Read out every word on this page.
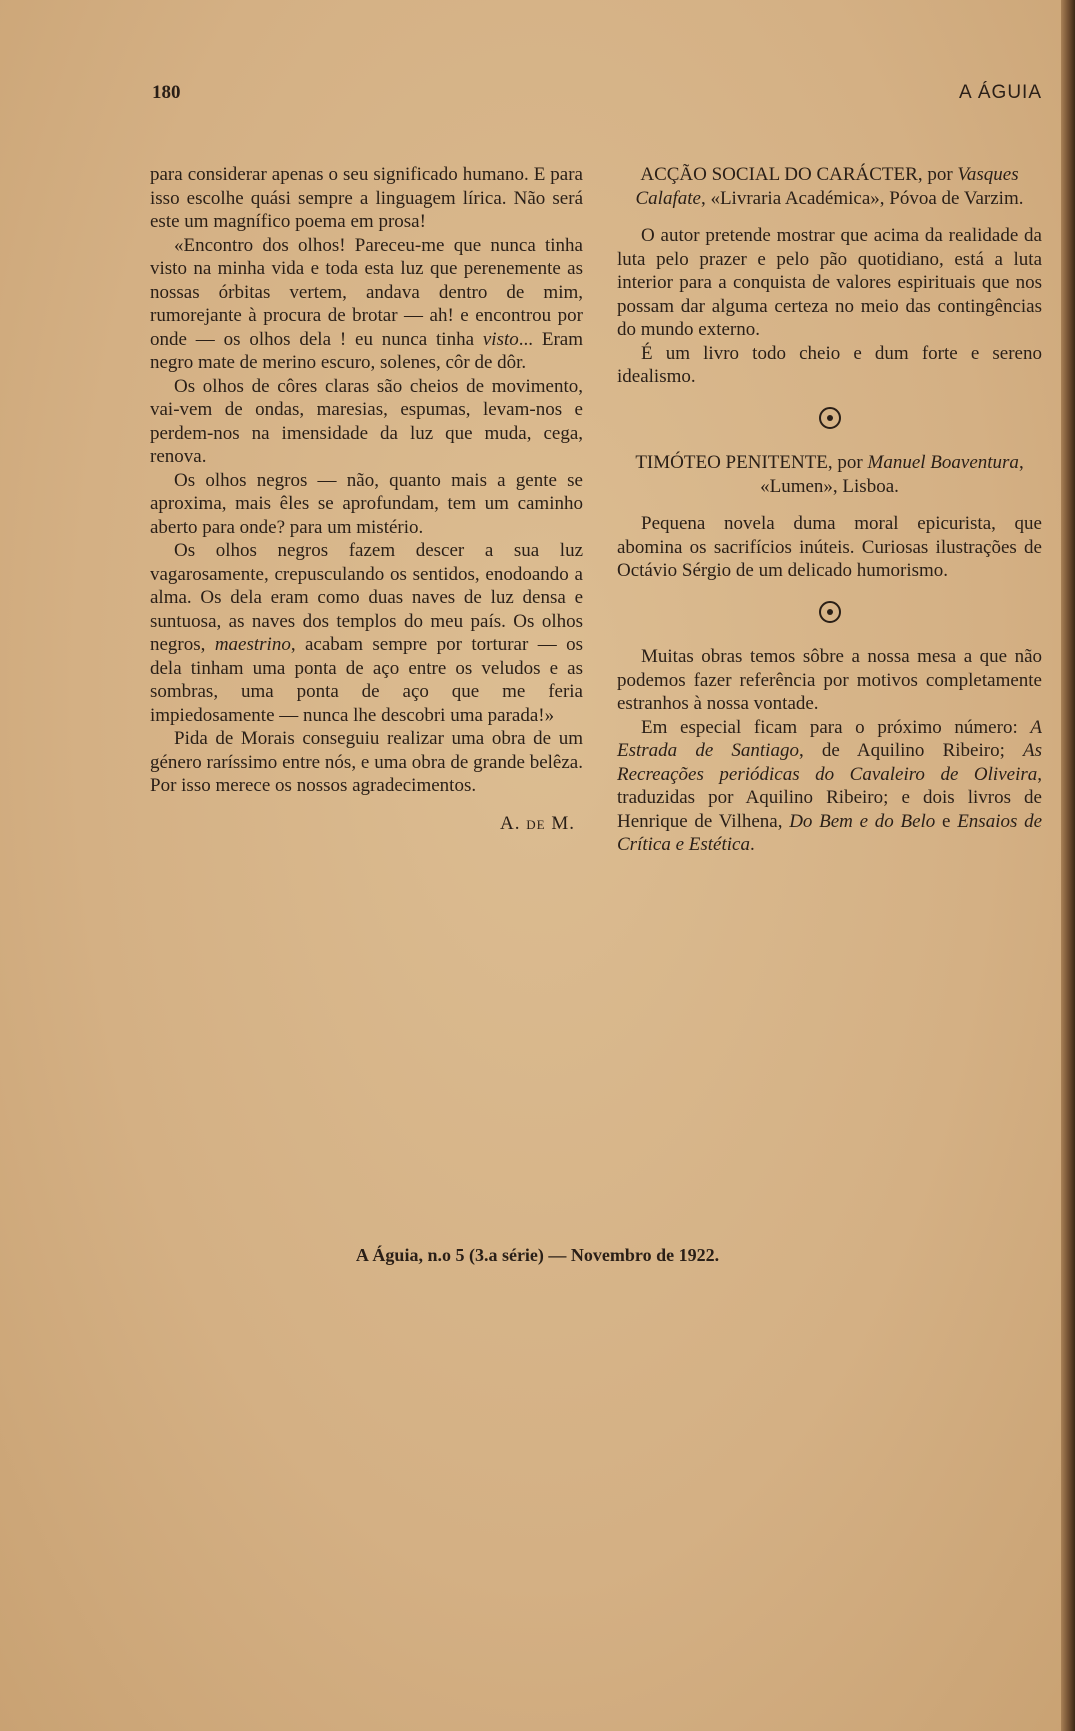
180	A ÁGUIA

para considerar apenas o seu significado humano. E para isso escolhe quási sempre a linguagem lírica. Não será este um magnífico poema em prosa!

«Encontro dos olhos! Pareceu-me que nunca tinha visto na minha vida e toda esta luz que perenemente as nossas órbitas vertem, andava dentro de mim, rumorejante à procura de brotar — ah! e encontrou por onde — os olhos dela ! eu nunca tinha visto... Eram negro mate de merino escuro, solenes, côr de dôr.

Os olhos de côres claras são cheios de movimento, vai-vem de ondas, maresias, espumas, levam-nos e perdem-nos na imensidade da luz que muda, cega, renova.

Os olhos negros — não, quanto mais a gente se aproxima, mais êles se aprofundam, tem um caminho aberto para onde? para um mistério.

Os olhos negros fazem descer a sua luz vagarosamente, crepusculando os sentidos, enodoando a alma. Os dela eram como duas naves de luz densa e suntuosa, as naves dos templos do meu país. Os olhos negros, maestrino, acabam sempre por torturar — os dela tinham uma ponta de aço entre os veludos e as sombras, uma ponta de aço que me feria impiedosamente — nunca lhe descobri uma parada!»

Pida de Morais conseguiu realizar uma obra de um género raríssimo entre nós, e uma obra de grande belêza. Por isso merece os nossos agradecimentos.

A. de M.

ACÇÃO SOCIAL DO CARÁCTER, por Vasques Calafate, «Livraria Académica», Póvoa de Varzim.

O autor pretende mostrar que acima da realidade da luta pelo prazer e pelo pão quotidiano, está a luta interior para a conquista de valores espirituais que nos possam dar alguma certeza no meio das contingências do mundo externo.

É um livro todo cheio e dum forte e sereno idealismo.

TIMÓTEO PENITENTE, por Manuel Boaventura, «Lumen», Lisboa.

Pequena novela duma moral epicurista, que abomina os sacrifícios inúteis. Curiosas ilustrações de Octávio Sérgio de um delicado humorismo.

Muitas obras temos sôbre a nossa mesa a que não podemos fazer referência por motivos completamente estranhos à nossa vontade.

Em especial ficam para o próximo número: A Estrada de Santiago, de Aquilino Ribeiro; As Recreações periódicas do Cavaleiro de Oliveira, traduzidas por Aquilino Ribeiro; e dois livros de Henrique de Vilhena, Do Bem e do Belo e Ensaios de Crítica e Estética.

A Águia, n.o 5 (3.a série) — Novembro de 1922.
